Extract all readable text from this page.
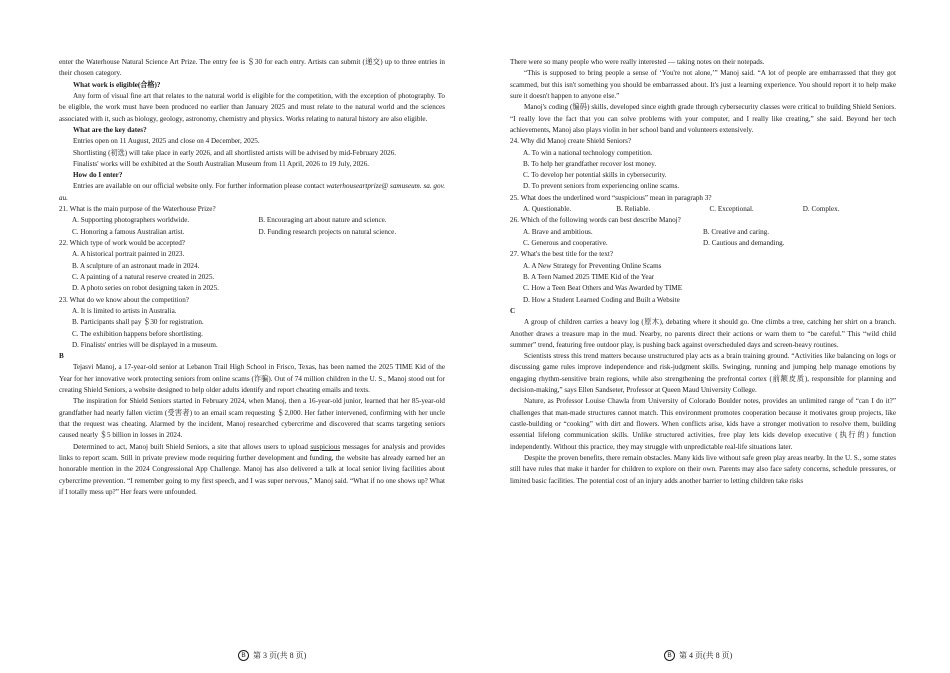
enter the Waterhouse Natural Science Art Prize. The entry fee is ＄30 for each entry. Artists can submit (递交) up to three entries in their chosen category.

What work is eligible(合格)?

Any form of visual fine art that relates to the natural world is eligible for the competition, with the exception of photography. To be eligible, the work must have been produced no earlier than January 2025 and must relate to the natural world and the sciences associated with it, such as biology, geology, astronomy, chemistry and physics. Works relating to natural history are also eligible.

What are the key dates?

Entries open on 11 August, 2025 and close on 4 December, 2025.

Shortlisting (初选) will take place in early 2026, and all shortlisted artists will be advised by mid-February 2026.

Finalists' works will be exhibited at the South Australian Museum from 11 April, 2026 to 19 July, 2026.

How do I enter?

Entries are available on our official website only. For further information please contact waterhouseartprize@ samuseum. sa. gov. au.

21. What is the main purpose of the Waterhouse Prize?

A. Supporting photographers worldwide.	B. Encouraging art about nature and science.
C. Honoring a famous Australian artist.	D. Funding research projects on natural science.

22. Which type of work would be accepted?

A. A historical portrait painted in 2023.

B. A sculpture of an astronaut made in 2024.

C. A painting of a natural reserve created in 2025.

D. A photo series on robot designing taken in 2025.

23. What do we know about the competition?

A. It is limited to artists in Australia.

B. Participants shall pay ＄30 for registration.

C. The exhibition happens before shortlisting.

D. Finalists' entries will be displayed in a museum.

B

Tejasvi Manoj, a 17-year-old senior at Lebanon Trail High School in Frisco, Texas, has been named the 2025 TIME Kid of the Year for her innovative work protecting seniors from online scams (诈骗). Out of 74 million children in the U. S., Manoj stood out for creating Shield Seniors, a website designed to help older adults identify and report cheating emails and texts.

The inspiration for Shield Seniors started in February 2024, when Manoj, then a 16-year-old junior, learned that her 85-year-old grandfather had nearly fallen victim (受害者) to an email scam requesting ＄2,000. Her father intervened, confirming with her uncle that the request was cheating. Alarmed by the incident, Manoj researched cybercrime and discovered that scams targeting seniors caused nearly ＄5 billion in losses in 2024.

Determined to act, Manoj built Shield Seniors, a site that allows users to upload suspicious messages for analysis and provides links to report scam. Still in private preview mode requiring further development and funding, the website has already earned her an honorable mention in the 2024 Congressional App Challenge. Manoj has also delivered a talk at local senior living facilities about cybercrime prevention. “I remember going to my first speech, and I was super nervous,” Manoj said. “What if no one shows up? What if I totally mess up?” Her fears were unfounded.

There were so many people who were really interested — taking notes on their notepads.

“This is supposed to bring people a sense of ‘You're not alone,’” Manoj said. “A lot of people are embarrassed that they got scammed, but this isn't something you should be embarrassed about. It's just a learning experience. You should report it to help make sure it doesn't happen to anyone else.”

Manoj's coding (编码) skills, developed since eighth grade through cybersecurity classes were critical to building Shield Seniors. “I really love the fact that you can solve problems with your computer, and I really like creating,” she said. Beyond her tech achievements, Manoj also plays violin in her school band and volunteers extensively.

24. Why did Manoj create Shield Seniors?

A. To win a national technology competition.

B. To help her grandfather recover lost money.

C. To develop her potential skills in cybersecurity.

D. To prevent seniors from experiencing online scams.

25. What does the underlined word “suspicious” mean in paragraph 3?

A. Questionable.	B. Reliable.	C. Exceptional.	D. Complex.

26. Which of the following words can best describe Manoj?

A. Brave and ambitious.	B. Creative and caring.
C. Generous and cooperative.	D. Cautious and demanding.

27. What's the best title for the text?

A. A New Strategy for Preventing Online Scams

B. A Teen Named 2025 TIME Kid of the Year

C. How a Teen Beat Others and Was Awarded by TIME

D. How a Student Learned Coding and Built a Website

C

A group of children carries a heavy log (原木), debating where it should go. One climbs a tree, catching her shirt on a branch. Another draws a treasure map in the mud. Nearby, no parents direct their actions or warn them to “be careful.” This “wild child summer” trend, featuring free outdoor play, is pushing back against overscheduled days and screen-heavy routines.

Scientists stress this trend matters because unstructured play acts as a brain training ground. “Activities like balancing on logs or discussing game rules improve independence and risk-judgment skills. Swinging, running and jumping help manage emotions by engaging rhythm-sensitive brain regions, while also strengthening the prefrontal cortex (前额皮质), responsible for planning and decision-making,” says Ellen Sandseter, Professor at Queen Maud University College.

Nature, as Professor Louise Chawla from University of Colorado Boulder notes, provides an unlimited range of “can I do it?” challenges that man-made structures cannot match. This environment promotes cooperation because it motivates group projects, like castle-building or “cooking” with dirt and flowers. When conflicts arise, kids have a stronger motivation to resolve them, building essential lifelong communication skills. Unlike structured activities, free play lets kids develop executive (执行的) function independently. Without this practice, they may struggle with unpredictable real-life situations later.

Despite the proven benefits, there remain obstacles. Many kids live without safe green play areas nearby. In the U. S., some states still have rules that make it harder for children to explore on their own. Parents may also face safety concerns, schedule pressures, or limited basic facilities. The potential cost of an injury adds another barrier to letting children take risks

B 第 3 页(共 8 页)	B 第 4 页(共 8 页)
